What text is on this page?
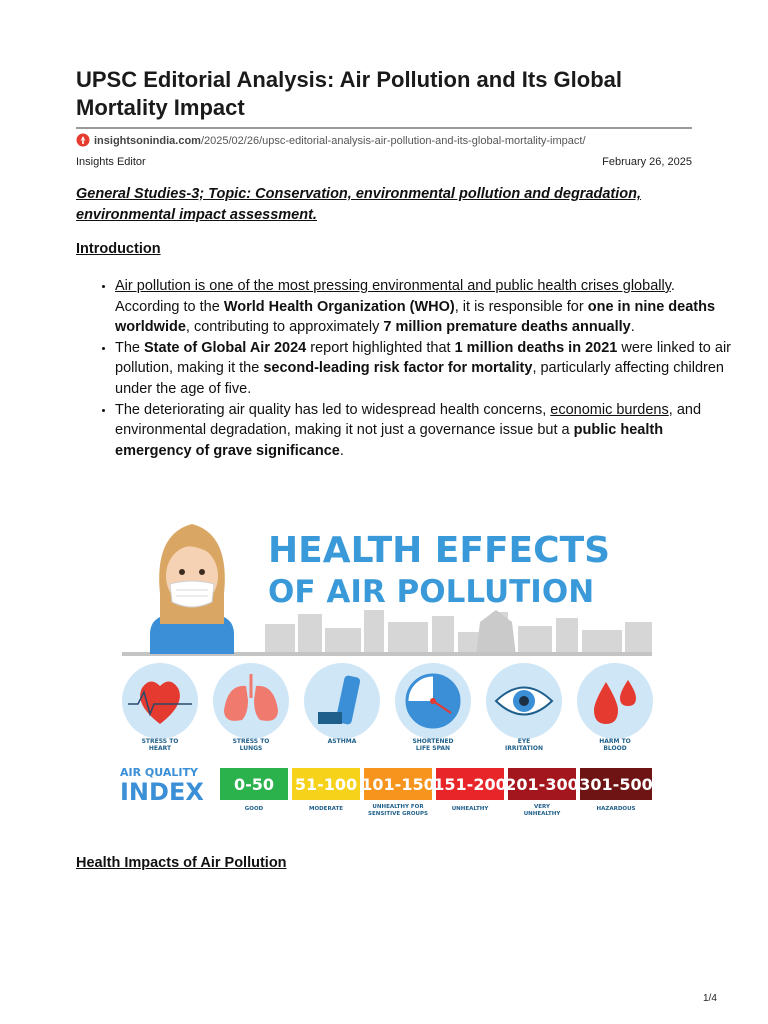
UPSC Editorial Analysis: Air Pollution and Its Global Mortality Impact
insightsonindia.com/2025/02/26/upsc-editorial-analysis-air-pollution-and-its-global-mortality-impact/
Insights Editor	February 26, 2025
General Studies-3; Topic: Conservation, environmental pollution and degradation, environmental impact assessment.
Introduction
• Air pollution is one of the most pressing environmental and public health crises globally. According to the World Health Organization (WHO), it is responsible for one in nine deaths worldwide, contributing to approximately 7 million premature deaths annually.
• The State of Global Air 2024 report highlighted that 1 million deaths in 2021 were linked to air pollution, making it the second-leading risk factor for mortality, particularly affecting children under the age of five.
• The deteriorating air quality has led to widespread health concerns, economic burdens, and environmental degradation, making it not just a governance issue but a public health emergency of grave significance.
Health Impacts of Air Pollution
HEALTH EFFECTS
OF AIR POLLUTION
STRESS TO
HEART
STRESS TO
LUNGS
ASTHMA	SHORTENED
LIFE SPAN
EYE
IRRITATION
HARM TO
BLOOD
AIR QUALITY
INDEX 0-50
GOOD
51-100
MODERATE
101-150
UNHEALTHY FOR
SENSITIVE GROUPS
151-200
UNHEALTHY
201-300
VERY
UNHEALTHY
301-500
HAZARDOUS
1/4
